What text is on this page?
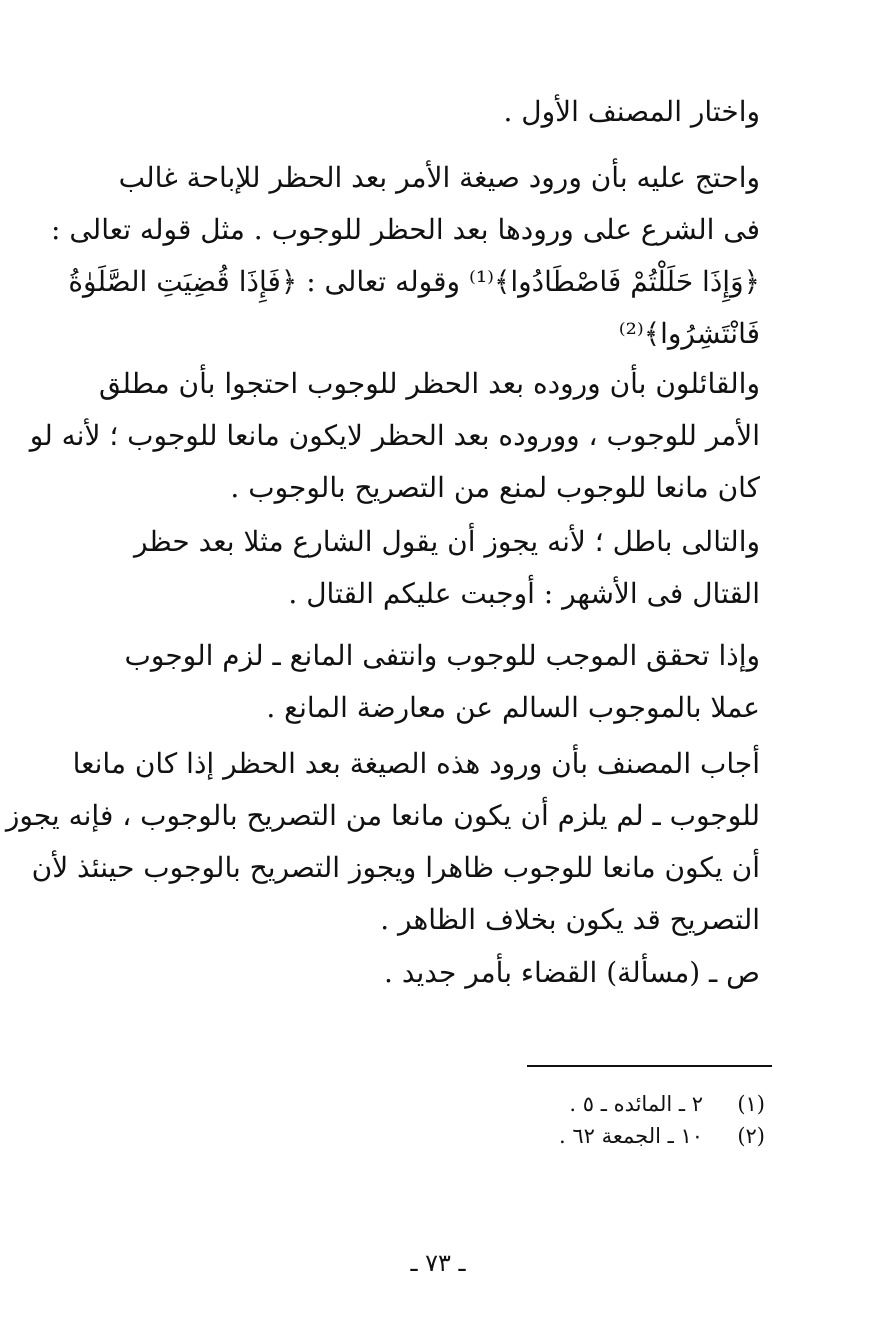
واختار المصنف الأول .
واحتج عليه بأن ورود صيغة الأمر بعد الحظر للإباحة غالب
فى الشرع على ورودها بعد الحظر للوجوب . مثل قوله تعالى :
﴿وَإِذَا حَلَلْتُمْ فَاصْطَادُوا﴾⁽¹⁾ وقوله تعالى : ﴿فَإِذَا قُضِيَتِ الصَّلَوٰةُ
فَانْتَشِرُوا﴾⁽²⁾
والقائلون بأن وروده بعد الحظر للوجوب احتجوا بأن مطلق
الأمر للوجوب ، ووروده بعد الحظر لايكون مانعا للوجوب ؛ لأنه لو
كان مانعا للوجوب لمنع من التصريح بالوجوب .
والتالى باطل ؛ لأنه يجوز أن يقول الشارع مثلا بعد حظر
القتال فى الأشهر : أوجبت عليكم القتال .
وإذا تحقق الموجب للوجوب وانتفى المانع ـ لزم الوجوب
عملا بالموجوب السالم عن معارضة المانع .
أجاب المصنف بأن ورود هذه الصيغة بعد الحظر إذا كان مانعا
للوجوب ـ لم يلزم أن يكون مانعا من التصريح بالوجوب ، فإنه يجوز
أن يكون مانعا للوجوب ظاهرا ويجوز التصريح بالوجوب حينئذ لأن
التصريح قد يكون بخلاف الظاهر .
ص ـ (مسألة) القضاء بأمر جديد .
(١)
٢ ـ المائده ـ ٥ .
(٢)
١٠ ـ الجمعة ٦٢ .
ـ ٧٣ ـ
